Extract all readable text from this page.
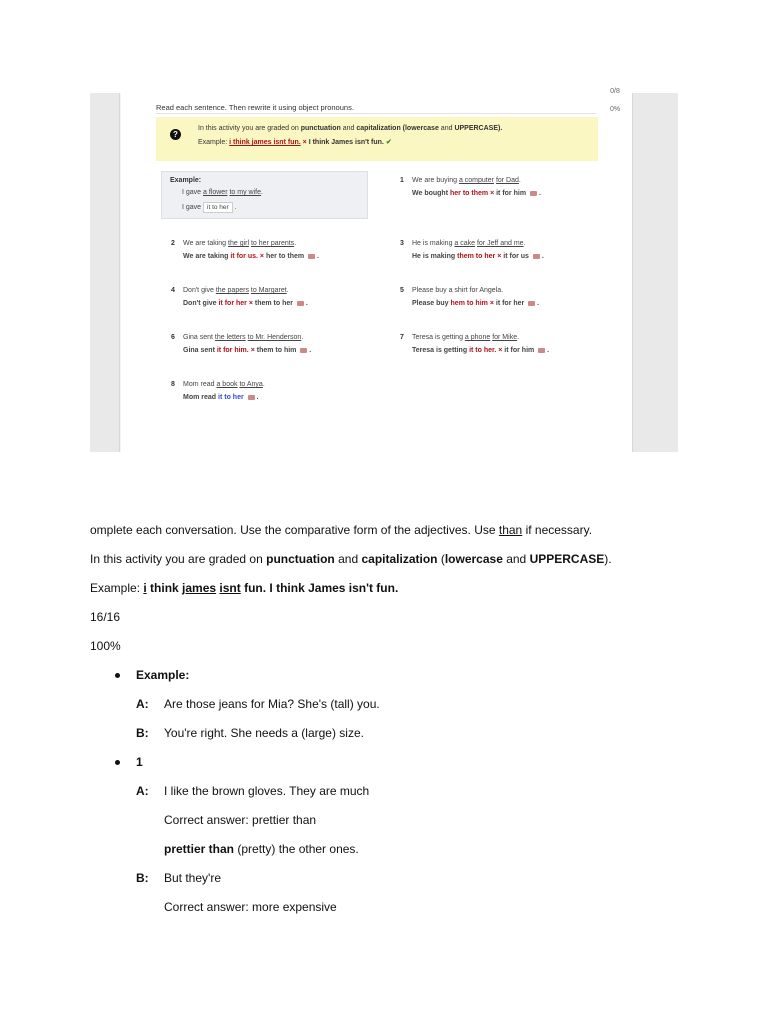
0/8
0%
Read each sentence. Then rewrite it using object pronouns.
?
In this activity you are graded on punctuation and capitalization (lowercase and UPPERCASE).
Example: i think james isnt fun. × I think James isn't fun. ✔
Example:
I gave a flower to my wife.
I gave it to her .
1 We are buying a computer for Dad.
We bought her to them × it for him  .
2 We are taking the girl to her parents.
We are taking it for us. × her to them  .
3 He is making a cake for Jeff and me.
He is making them to her × it for us  .
4 Don't give the papers to Margaret.
Don't give it for her × them to her  .
5 Please buy a shirt for Angela.
Please buy hem to him × it for her  .
6 Gina sent the letters to Mr. Henderson.
Gina sent it for him. × them to him  .
7 Teresa is getting a phone for Mike.
Teresa is getting it to her. × it for him  .
8 Mom read a book to Anya.
Mom read it to her  .
omplete each conversation. Use the comparative form of the adjectives. Use than if necessary.
In this activity you are graded on punctuation and capitalization (lowercase and UPPERCASE).
Example: i think james isnt fun. I think James isn't fun.
16/16
100%
Example:
A: Are those jeans for Mia? She's (tall) you.
B: You're right. She needs a (large) size.
1
A: I like the brown gloves. They are much
Correct answer: prettier than
prettier than (pretty) the other ones.
B: But they're
Correct answer: more expensive
